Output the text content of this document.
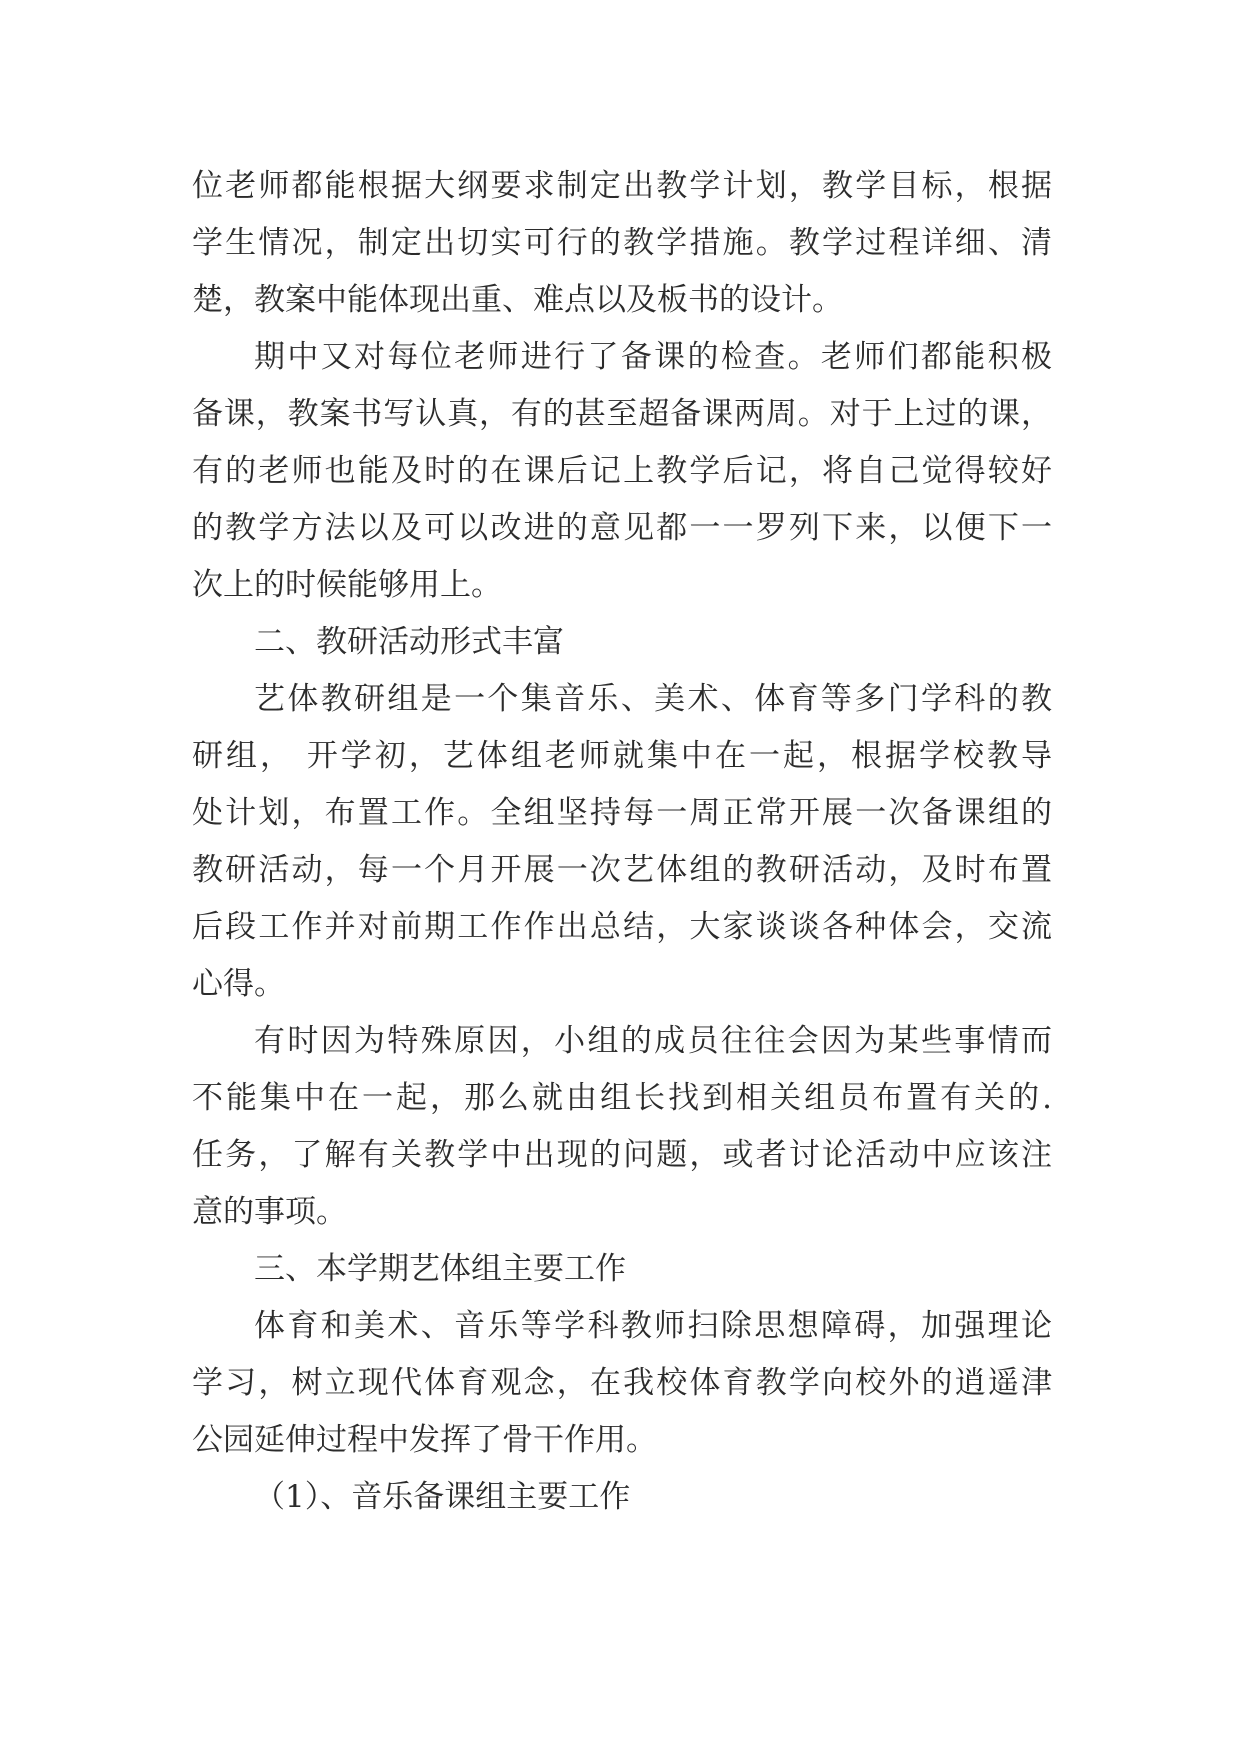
位老师都能根据大纲要求制定出教学计划，教学目标，根据
学生情况，制定出切实可行的教学措施。教学过程详细、清
楚，教案中能体现出重、难点以及板书的设计。
期中又对每位老师进行了备课的检查。老师们都能积极
备课，教案书写认真，有的甚至超备课两周。对于上过的课，
有的老师也能及时的在课后记上教学后记，将自己觉得较好
的教学方法以及可以改进的意见都一一罗列下来，以便下一
次上的时候能够用上。
二、教研活动形式丰富
艺体教研组是一个集音乐、美术、体育等多门学科的教
研组， 开学初，艺体组老师就集中在一起，根据学校教导
处计划，布置工作。全组坚持每一周正常开展一次备课组的
教研活动，每一个月开展一次艺体组的教研活动，及时布置
后段工作并对前期工作作出总结，大家谈谈各种体会，交流
心得。
有时因为特殊原因，小组的成员往往会因为某些事情而
不能集中在一起，那么就由组长找到相关组员布置有关的.
任务，了解有关教学中出现的问题，或者讨论活动中应该注
意的事项。
三、本学期艺体组主要工作
体育和美术、音乐等学科教师扫除思想障碍，加强理论
学习，树立现代体育观念，在我校体育教学向校外的逍遥津
公园延伸过程中发挥了骨干作用。
（1）、音乐备课组主要工作
